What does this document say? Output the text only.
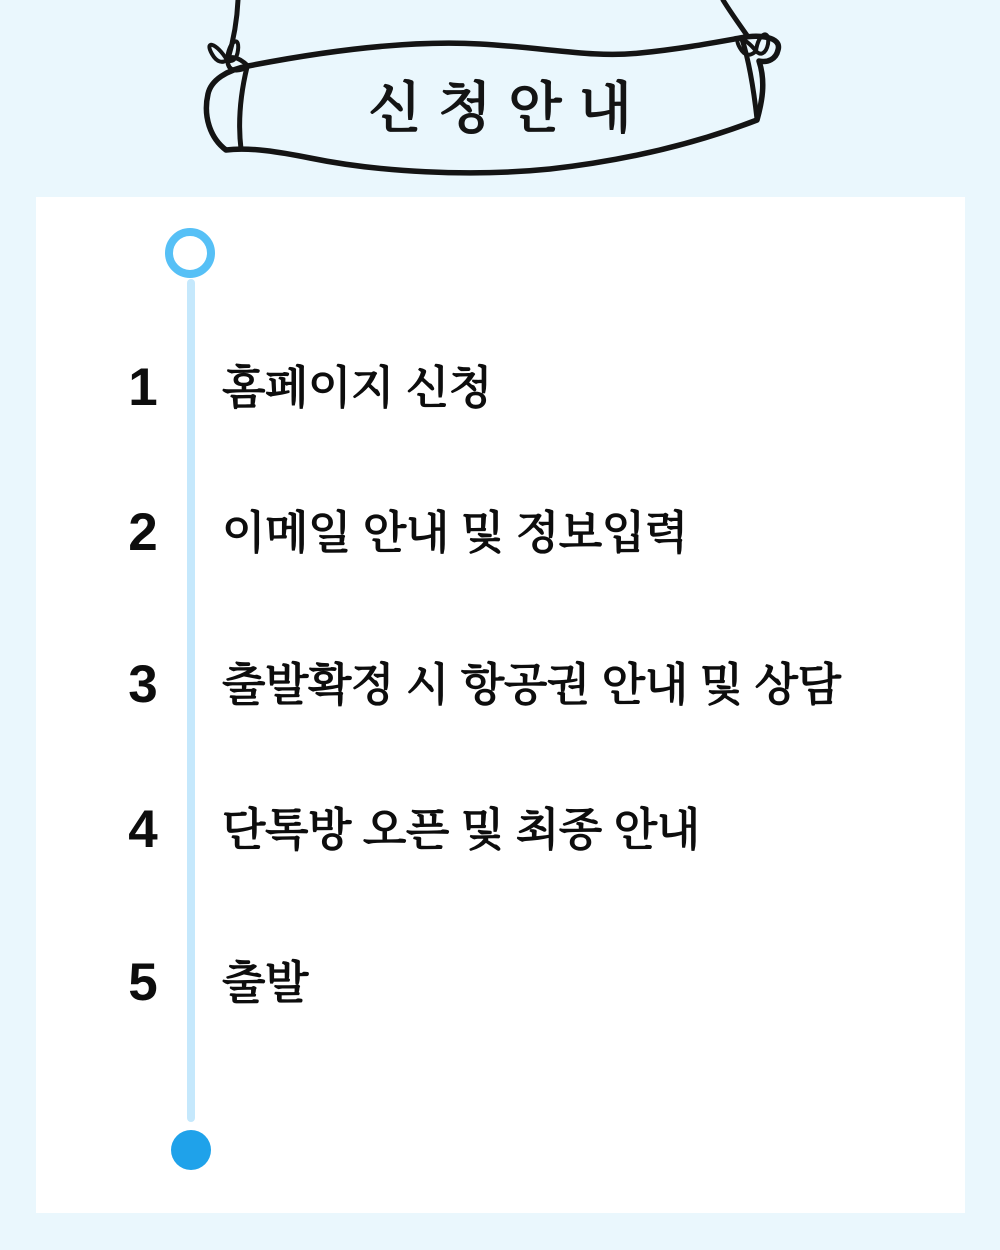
신청안내
1	홈페이지 신청
2	이메일 안내 및 정보입력
3	출발확정 시 항공권 안내 및 상담
4	단톡방 오픈 및 최종 안내
5	출발
